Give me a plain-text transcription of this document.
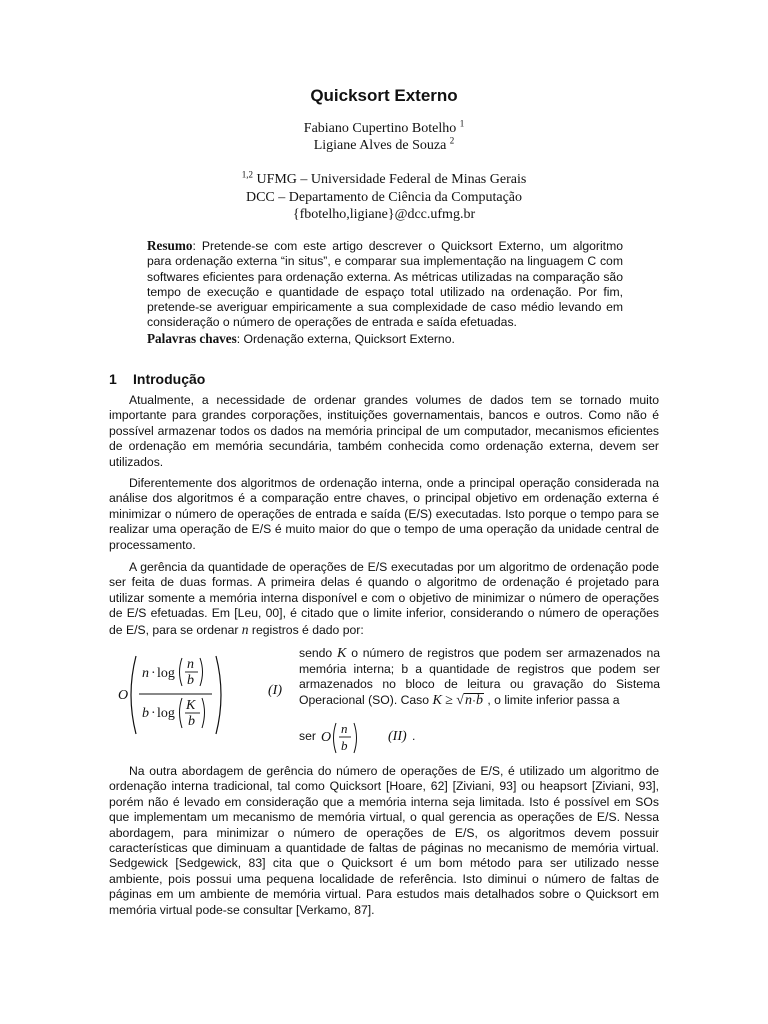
Quicksort Externo
Fabiano Cupertino Botelho $^1$
Ligiane Alves de Souza $^2$
$^{1,2}$ UFMG – Universidade Federal de Minas Gerais
DCC – Departamento de Ciência da Computação
{fbotelho,ligiane}@dcc.ufmg.br
Resumo: Pretende-se com este artigo descrever o Quicksort Externo, um algoritmo para ordenação externa “in situs”, e comparar sua implementação na linguagem C com softwares eficientes para ordenação externa. As métricas utilizadas na comparação são tempo de execução e quantidade de espaço total utilizado na ordenação. Por fim, pretende-se averiguar empiricamente a sua complexidade de caso médio levando em consideração o número de operações de entrada e saída efetuadas.
Palavras chaves: Ordenação externa, Quicksort Externo.
1 Introdução
Atualmente, a necessidade de ordenar grandes volumes de dados tem se tornado muito importante para grandes corporações, instituições governamentais, bancos e outros. Como não é possível armazenar todos os dados na memória principal de um computador, mecanismos eficientes de ordenação em memória secundária, também conhecida como ordenação externa, devem ser utilizados.
Diferentemente dos algoritmos de ordenação interna, onde a principal operação considerada na análise dos algoritmos é a comparação entre chaves, o principal objetivo em ordenação externa é minimizar o número de operações de entrada e saída (E/S) executadas. Isto porque o tempo para se realizar uma operação de E/S é muito maior do que o tempo de uma operação da unidade central de processamento.
A gerência da quantidade de operações de E/S executadas por um algoritmo de ordenação pode ser feita de duas formas. A primeira delas é quando o algoritmo de ordenação é projetado para utilizar somente a memória interna disponível e com o objetivo de minimizar o número de operações de E/S efetuadas. Em [Leu, 00], é citado que o limite inferior, considerando o número de operações de E/S, para se ordenar n registros é dado por:
O
n · log
n
b
b · log
K
b
(I)
sendo K o número de registros que podem ser armazenados na memória interna; b a quantidade de registros que podem ser armazenados no bloco de leitura ou gravação do Sistema Operacional (SO). Caso K ≥ √n·b , o limite inferior passa a
ser O
n
b
(II) .
Na outra abordagem de gerência do número de operações de E/S, é utilizado um algoritmo de ordenação interna tradicional, tal como Quicksort [Hoare, 62] [Ziviani, 93] ou heapsort [Ziviani, 93], porém não é levado em consideração que a memória interna seja limitada. Isto é possível em SOs que implementam um mecanismo de memória virtual, o qual gerencia as operações de E/S. Nessa abordagem, para minimizar o número de operações de E/S, os algoritmos devem possuir características que diminuam a quantidade de faltas de páginas no mecanismo de memória virtual. Sedgewick [Sedgewick, 83] cita que o Quicksort é um bom método para ser utilizado nesse ambiente, pois possui uma pequena localidade de referência. Isto diminui o número de faltas de páginas em um ambiente de memória virtual. Para estudos mais detalhados sobre o Quicksort em memória virtual pode-se consultar [Verkamo, 87].
